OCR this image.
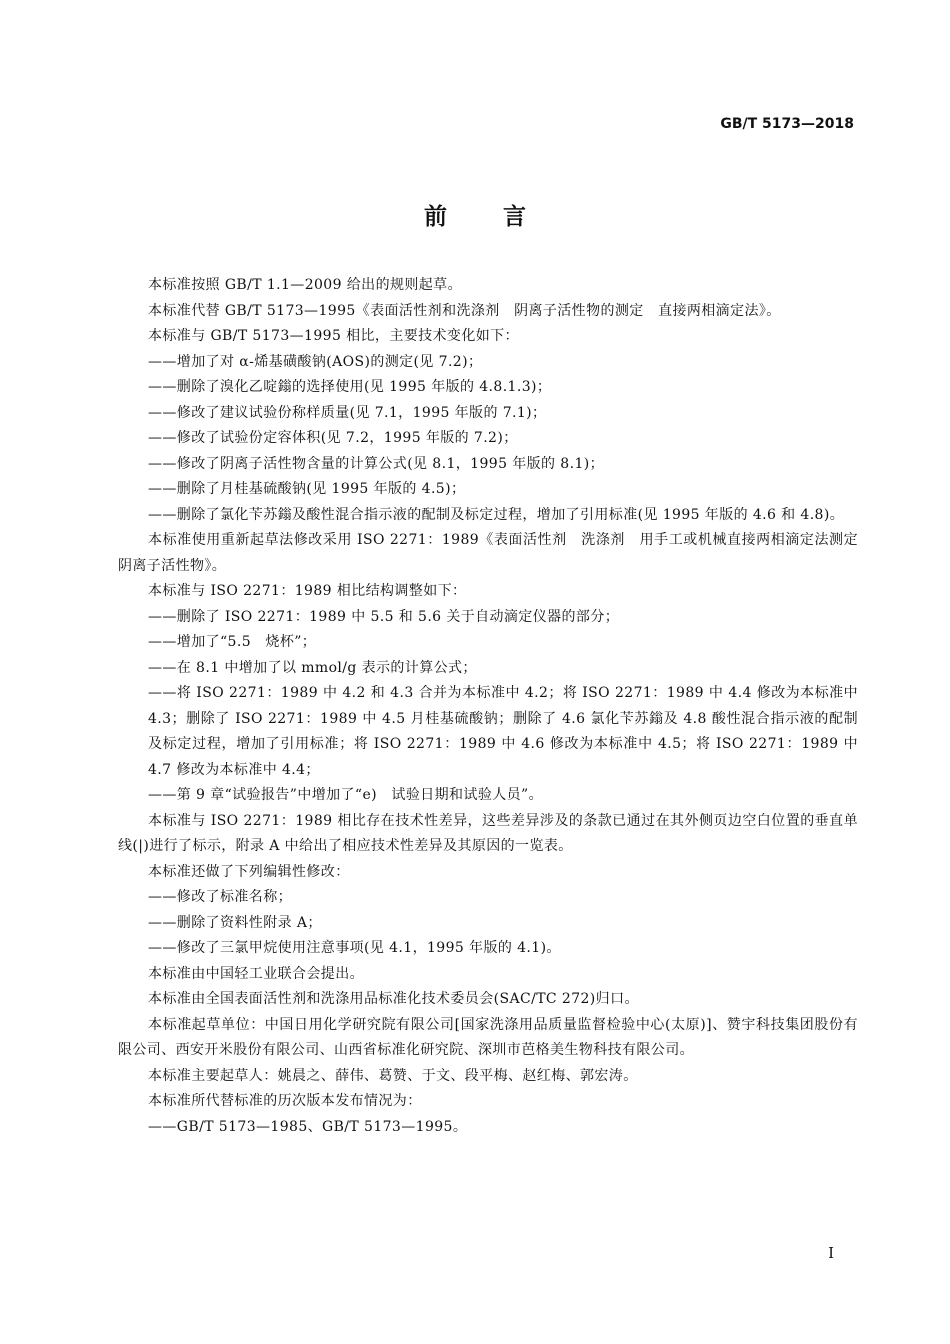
GB/T 5173—2018
前言
本标准按照 GB/T 1.1—2009 给出的规则起草。
本标准代替 GB/T 5173—1995《表面活性剂和洗涤剂　阴离子活性物的测定　直接两相滴定法》。
本标准与 GB/T 5173—1995 相比，主要技术变化如下：
——增加了对 α-烯基磺酸钠(AOS)的测定(见 7.2)；
——删除了溴化乙啶鎓的选择使用(见 1995 年版的 4.8.1.3)；
——修改了建议试验份称样质量(见 7.1，1995 年版的 7.1)；
——修改了试验份定容体积(见 7.2，1995 年版的 7.2)；
——修改了阴离子活性物含量的计算公式(见 8.1，1995 年版的 8.1)；
——删除了月桂基硫酸钠(见 1995 年版的 4.5)；
——删除了氯化苄苏鎓及酸性混合指示液的配制及标定过程，增加了引用标准(见 1995 年版的 4.6 和 4.8)。
本标准使用重新起草法修改采用 ISO 2271：1989《表面活性剂　洗涤剂　用手工或机械直接两相滴定法测定阴离子活性物》。
本标准与 ISO 2271：1989 相比结构调整如下：
——删除了 ISO 2271：1989 中 5.5 和 5.6 关于自动滴定仪器的部分；
——增加了“5.5　烧杯”；
——在 8.1 中增加了以 mmol/g 表示的计算公式；
——将 ISO 2271：1989 中 4.2 和 4.3 合并为本标准中 4.2；将 ISO 2271：1989 中 4.4 修改为本标准中 4.3；删除了 ISO 2271：1989 中 4.5 月桂基硫酸钠；删除了 4.6 氯化苄苏鎓及 4.8 酸性混合指示液的配制及标定过程，增加了引用标准；将 ISO 2271：1989 中 4.6 修改为本标准中 4.5；将 ISO 2271：1989 中 4.7 修改为本标准中 4.4；
——第 9 章“试验报告”中增加了“e)　试验日期和试验人员”。
本标准与 ISO 2271：1989 相比存在技术性差异，这些差异涉及的条款已通过在其外侧页边空白位置的垂直单线(|)进行了标示，附录 A 中给出了相应技术性差异及其原因的一览表。
本标准还做了下列编辑性修改：
——修改了标准名称；
——删除了资料性附录 A；
——修改了三氯甲烷使用注意事项(见 4.1，1995 年版的 4.1)。
本标准由中国轻工业联合会提出。
本标准由全国表面活性剂和洗涤用品标准化技术委员会(SAC/TC 272)归口。
本标准起草单位：中国日用化学研究院有限公司[国家洗涤用品质量监督检验中心(太原)]、赞宇科技集团股份有限公司、西安开米股份有限公司、山西省标准化研究院、深圳市芭格美生物科技有限公司。
本标准主要起草人：姚晨之、薛伟、葛赞、于文、段平梅、赵红梅、郭宏涛。
本标准所代替标准的历次版本发布情况为：
——GB/T 5173—1985、GB/T 5173—1995。
I
